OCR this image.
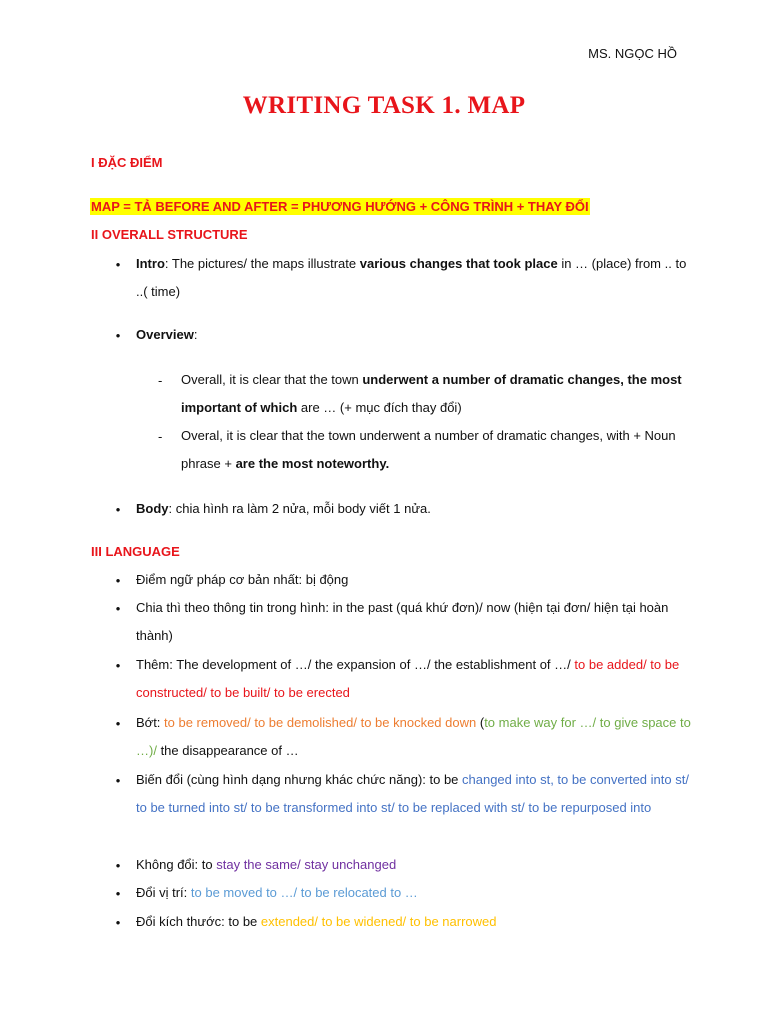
MS. NGỌC HỒ
WRITING TASK 1. MAP
I ĐẶC ĐIỂM
MAP = TẢ BEFORE AND AFTER = PHƯƠNG HƯỚNG + CÔNG TRÌNH + THAY ĐỔI
II OVERALL STRUCTURE
• Intro: The pictures/ the maps illustrate various changes that took place in … (place) from .. to ..( time)
• Overview:
- Overall, it is clear that the town underwent a number of dramatic changes, the most important of which are … (+ mục đích thay đổi)
- Overal, it is clear that the town underwent a number of dramatic changes, with + Noun phrase + are the most noteworthy.
• Body: chia hình ra làm 2 nửa, mỗi body viết 1 nửa.
III LANGUAGE
• Điểm ngữ pháp cơ bản nhất: bị động
• Chia thì theo thông tin trong hình: in the past (quá khứ đơn)/ now (hiện tại đơn/ hiện tại hoàn thành)
• Thêm: The development of …/ the expansion of …/ the establishment of …/ to be added/ to be constructed/ to be built/ to be erected
• Bớt: to be removed/ to be demolished/ to be knocked down (to make way for …/ to give space to …)/ the disappearance of …
• Biến đổi (cùng hình dạng nhưng khác chức năng): to be changed into st, to be converted into st/ to be turned into st/ to be transformed into st/ to be replaced with st/ to be repurposed into
• Không đổi: to stay the same/ stay unchanged
• Đổi vị trí: to be moved to …/ to be relocated to …
• Đổi kích thước: to be extended/ to be widened/ to be narrowed
